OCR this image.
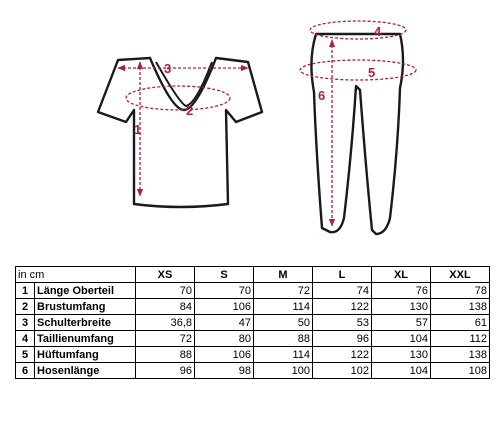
1
2
3
4
5
6
in cm		XS	S	M	L	XL	XXL
1	Länge Oberteil	70	70	72	74	76	78
2	Brustumfang	84	106	114	122	130	138
3	Schulterbreite	36,8	47	50	53	57	61
4	Taillienumfang	72	80	88	96	104	112
5	Hüftumfang	88	106	114	122	130	138
6	Hosenlänge	96	98	100	102	104	108
